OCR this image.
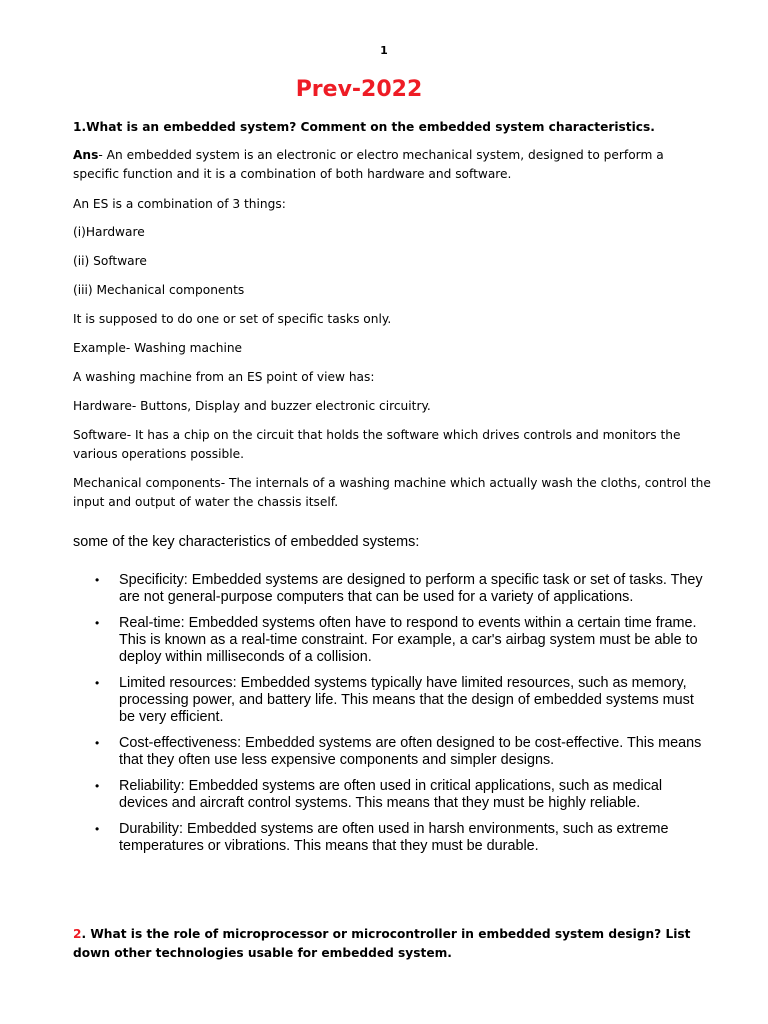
1
Prev-2022
1.What is an embedded system? Comment on the embedded system characteristics.
Ans- An embedded system is an electronic or electro mechanical system, designed to perform a specific function and it is a combination of both hardware and software.
An ES is a combination of 3 things:
(i)Hardware
(ii) Software
(iii) Mechanical components
It is supposed to do one or set of specific tasks only.
Example- Washing machine
A washing machine from an ES point of view has:
Hardware- Buttons, Display and buzzer electronic circuitry.
Software- It has a chip on the circuit that holds the software which drives controls and monitors the various operations possible.
Mechanical components- The internals of a washing machine which actually wash the cloths, control the input and output of water the chassis itself.
some of the key characteristics of embedded systems:
• Specificity: Embedded systems are designed to perform a specific task or set of tasks. They are not general-purpose computers that can be used for a variety of applications.
• Real-time: Embedded systems often have to respond to events within a certain time frame. This is known as a real-time constraint. For example, a car's airbag system must be able to deploy within milliseconds of a collision.
• Limited resources: Embedded systems typically have limited resources, such as memory, processing power, and battery life. This means that the design of embedded systems must be very efficient.
• Cost-effectiveness: Embedded systems are often designed to be cost-effective. This means that they often use less expensive components and simpler designs.
• Reliability: Embedded systems are often used in critical applications, such as medical devices and aircraft control systems. This means that they must be highly reliable.
• Durability: Embedded systems are often used in harsh environments, such as extreme temperatures or vibrations. This means that they must be durable.
2. What is the role of microprocessor or microcontroller in embedded system design? List down other technologies usable for embedded system.
